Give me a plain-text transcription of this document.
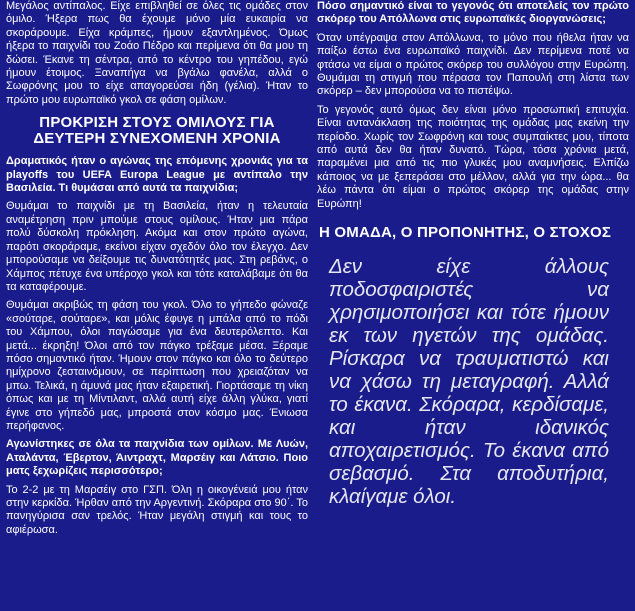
Μεγάλος αντίπαλος. Είχε επιβληθεί σε όλες τις ομάδες στον όμιλο. Ήξερα πως θα έχουμε μόνο μία ευκαιρία να σκοράρουμε. Είχα κράμπες, ήμουν εξαντλημένος. Όμως ήξερα το παιχνίδι του Ζοάο Πέδρο και περίμενα ότι θα μου τη δώσει. Έκανε τη σέντρα, από το κέντρο του γηπέδου, εγώ ήμουν έτοιμος. Ξαναπήγα να βγάλω φανέλα, αλλά ο Σωφρόνης μου το είχε απαγορεύσει ήδη (γέλια). Ήταν το πρώτο μου ευρωπαϊκό γκολ σε φάση ομίλων.

ΠΡΟΚΡΙΣΗ ΣΤΟΥΣ ΟΜΙΛΟΥΣ ΓΙΑ ΔΕΥΤΕΡΗ ΣΥΝΕΧΟΜΕΝΗ ΧΡΟΝΙΑ

Δραματικός ήταν ο αγώνας της επόμενης χρονιάς για τα playoffs του UEFA Europa League με αντίπαλο την Βασιλεία. Τι θυμάσαι από αυτά τα παιχνίδια;

Θυμάμαι το παιχνίδι με τη Βασιλεία, ήταν η τελευταία αναμέτρηση πριν μπούμε στους ομίλους. Ήταν μια πάρα πολύ δύσκολη πρόκληση. Ακόμα και στον πρώτο αγώνα, παρότι σκοράραμε, εκείνοι είχαν σχεδόν όλο τον έλεγχο. Δεν μπορούσαμε να δείξουμε τις δυνατότητές μας. Στη ρεβάνς, ο Χάμπος πέτυχε ένα υπέροχο γκολ και τότε καταλάβαμε ότι θα τα καταφέρουμε.

Θυμάμαι ακριβώς τη φάση του γκολ. Όλο το γήπεδο φώναζε «σούταρε, σούταρε», και μόλις έφυγε η μπάλα από το πόδι του Χάμπου, όλοι παγώσαμε για ένα δευτερόλεπτο. Και μετά... έκρηξη! Όλοι από τον πάγκο τρέξαμε μέσα. Ξέραμε πόσο σημαντικό ήταν. Ήμουν στον πάγκο και όλο το δεύτερο ημίχρονο ζεσταινόμουν, σε περίπτωση που χρειαζόταν να μπω. Τελικά, η άμυνά μας ήταν εξαιρετική. Γιορτάσαμε τη νίκη όπως και με τη Μίντιλαντ, αλλά αυτή είχε άλλη γλύκα, γιατί έγινε στο γήπεδό μας, μπροστά στον κόσμο μας. Ένιωσα περήφανος.

Αγωνίστηκες σε όλα τα παιχνίδια των ομίλων. Με Λυών, Αταλάντα, Έβερτον, Άιντραχτ, Μαρσέιγ και Λάτσιο. Ποιο ματς ξεχωρίζεις περισσότερο;

Το 2-2 με τη Μαρσέιγ στο ΓΣΠ. Όλη η οικογένειά μου ήταν στην κερκίδα. Ήρθαν από την Αργεντινή. Σκόραρα στο 90΄. Το πανηγύρισα σαν τρελός. Ήταν μεγάλη στιγμή και τους το αφιέρωσα.

Πόσο σημαντικό είναι το γεγονός ότι αποτελείς τον πρώτο σκόρερ του Απόλλωνα στις ευρωπαϊκές διοργανώσεις;

Όταν υπέγραψα στον Απόλλωνα, το μόνο που ήθελα ήταν να παίξω έστω ένα ευρωπαϊκό παιχνίδι. Δεν περίμενα ποτέ να φτάσω να είμαι ο πρώτος σκόρερ του συλλόγου στην Ευρώπη. Θυμάμαι τη στιγμή που πέρασα τον Παπουλή στη λίστα των σκόρερ – δεν μπορούσα να το πιστέψω.

Το γεγονός αυτό όμως δεν είναι μόνο προσωπική επιτυχία. Είναι αντανάκλαση της ποιότητας της ομάδας μας εκείνη την περίοδο. Χωρίς τον Σωφρόνη και τους συμπαίκτες μου, τίποτα από αυτά δεν θα ήταν δυνατό. Τώρα, τόσα χρόνια μετά, παραμένει μια από τις πιο γλυκές μου αναμνήσεις. Ελπίζω κάποιος να με ξεπεράσει στο μέλλον, αλλά για την ώρα... θα λέω πάντα ότι είμαι ο πρώτος σκόρερ της ομάδας στην Ευρώπη!

Η ΟΜΑΔΑ, Ο ΠΡΟΠΟΝΗΤΗΣ, Ο ΣΤΟΧΟΣ

Δεν είχε άλλους ποδοσφαιριστές να χρησιμοποιήσει και τότε ήμουν εκ των ηγετών της ομάδας. Ρίσκαρα να τραυματιστώ και να χάσω τη μεταγραφή. Αλλά το έκανα. Σκόραρα, κερδίσαμε, και ήταν ιδανικός αποχαιρετισμός. Το έκανα από σεβασμό. Στα αποδυτήρια, κλαίγαμε όλοι.
